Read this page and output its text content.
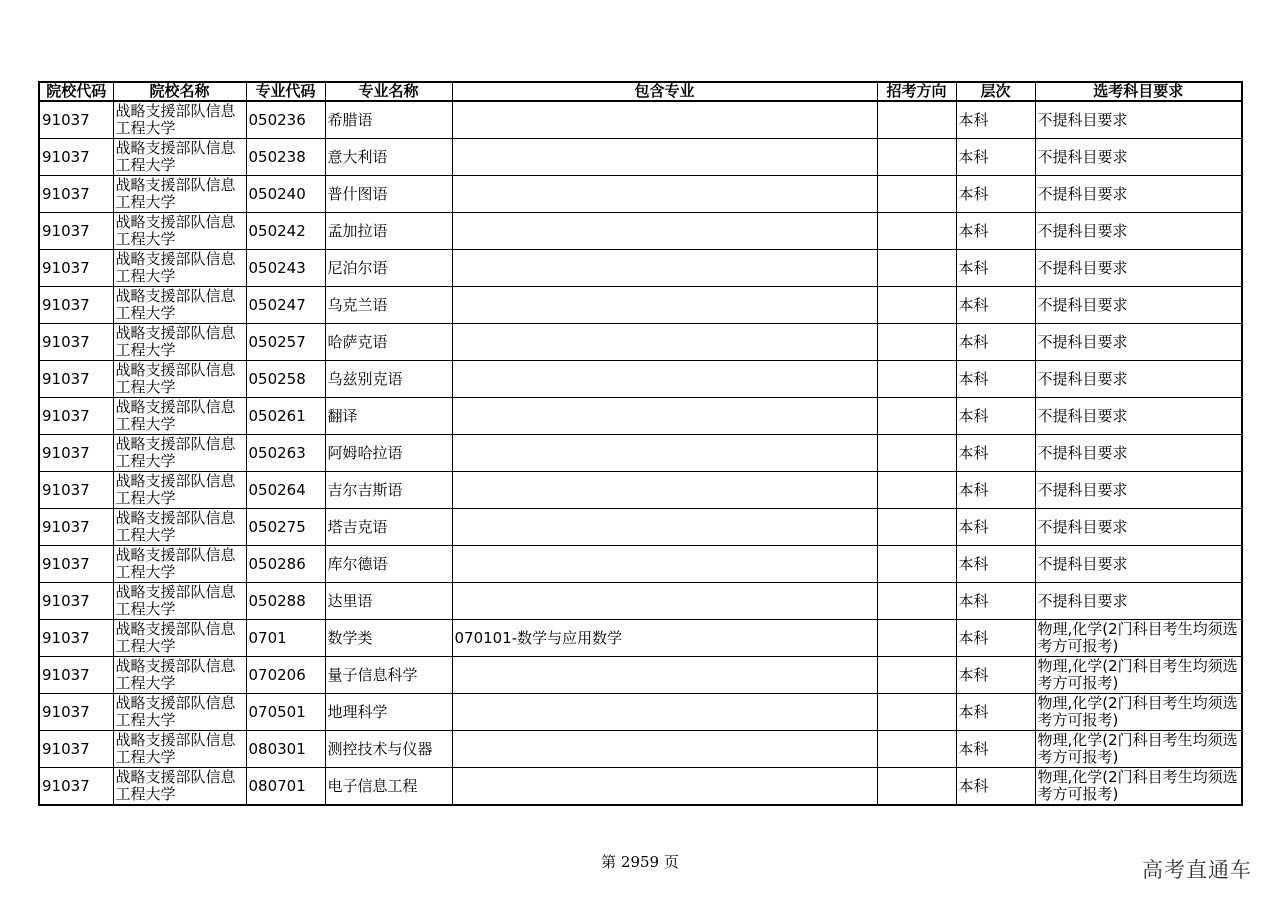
院校代码	院校名称	专业代码	专业名称	包含专业	招考方向	层次	选考科目要求
91037	战略支援部队信息工程大学	050236	希腊语			本科	不提科目要求
91037	战略支援部队信息工程大学	050238	意大利语			本科	不提科目要求
91037	战略支援部队信息工程大学	050240	普什图语			本科	不提科目要求
91037	战略支援部队信息工程大学	050242	孟加拉语			本科	不提科目要求
91037	战略支援部队信息工程大学	050243	尼泊尔语			本科	不提科目要求
91037	战略支援部队信息工程大学	050247	乌克兰语			本科	不提科目要求
91037	战略支援部队信息工程大学	050257	哈萨克语			本科	不提科目要求
91037	战略支援部队信息工程大学	050258	乌兹别克语			本科	不提科目要求
91037	战略支援部队信息工程大学	050261	翻译			本科	不提科目要求
91037	战略支援部队信息工程大学	050263	阿姆哈拉语			本科	不提科目要求
91037	战略支援部队信息工程大学	050264	吉尔吉斯语			本科	不提科目要求
91037	战略支援部队信息工程大学	050275	塔吉克语			本科	不提科目要求
91037	战略支援部队信息工程大学	050286	库尔德语			本科	不提科目要求
91037	战略支援部队信息工程大学	050288	达里语			本科	不提科目要求
91037	战略支援部队信息工程大学	0701	数学类	070101-数学与应用数学		本科	物理,化学(2门科目考生均须选考方可报考)
91037	战略支援部队信息工程大学	070206	量子信息科学			本科	物理,化学(2门科目考生均须选考方可报考)
91037	战略支援部队信息工程大学	070501	地理科学			本科	物理,化学(2门科目考生均须选考方可报考)
91037	战略支援部队信息工程大学	080301	测控技术与仪器			本科	物理,化学(2门科目考生均须选考方可报考)
91037	战略支援部队信息工程大学	080701	电子信息工程			本科	物理,化学(2门科目考生均须选考方可报考)
第 2959 页	高考直通车
